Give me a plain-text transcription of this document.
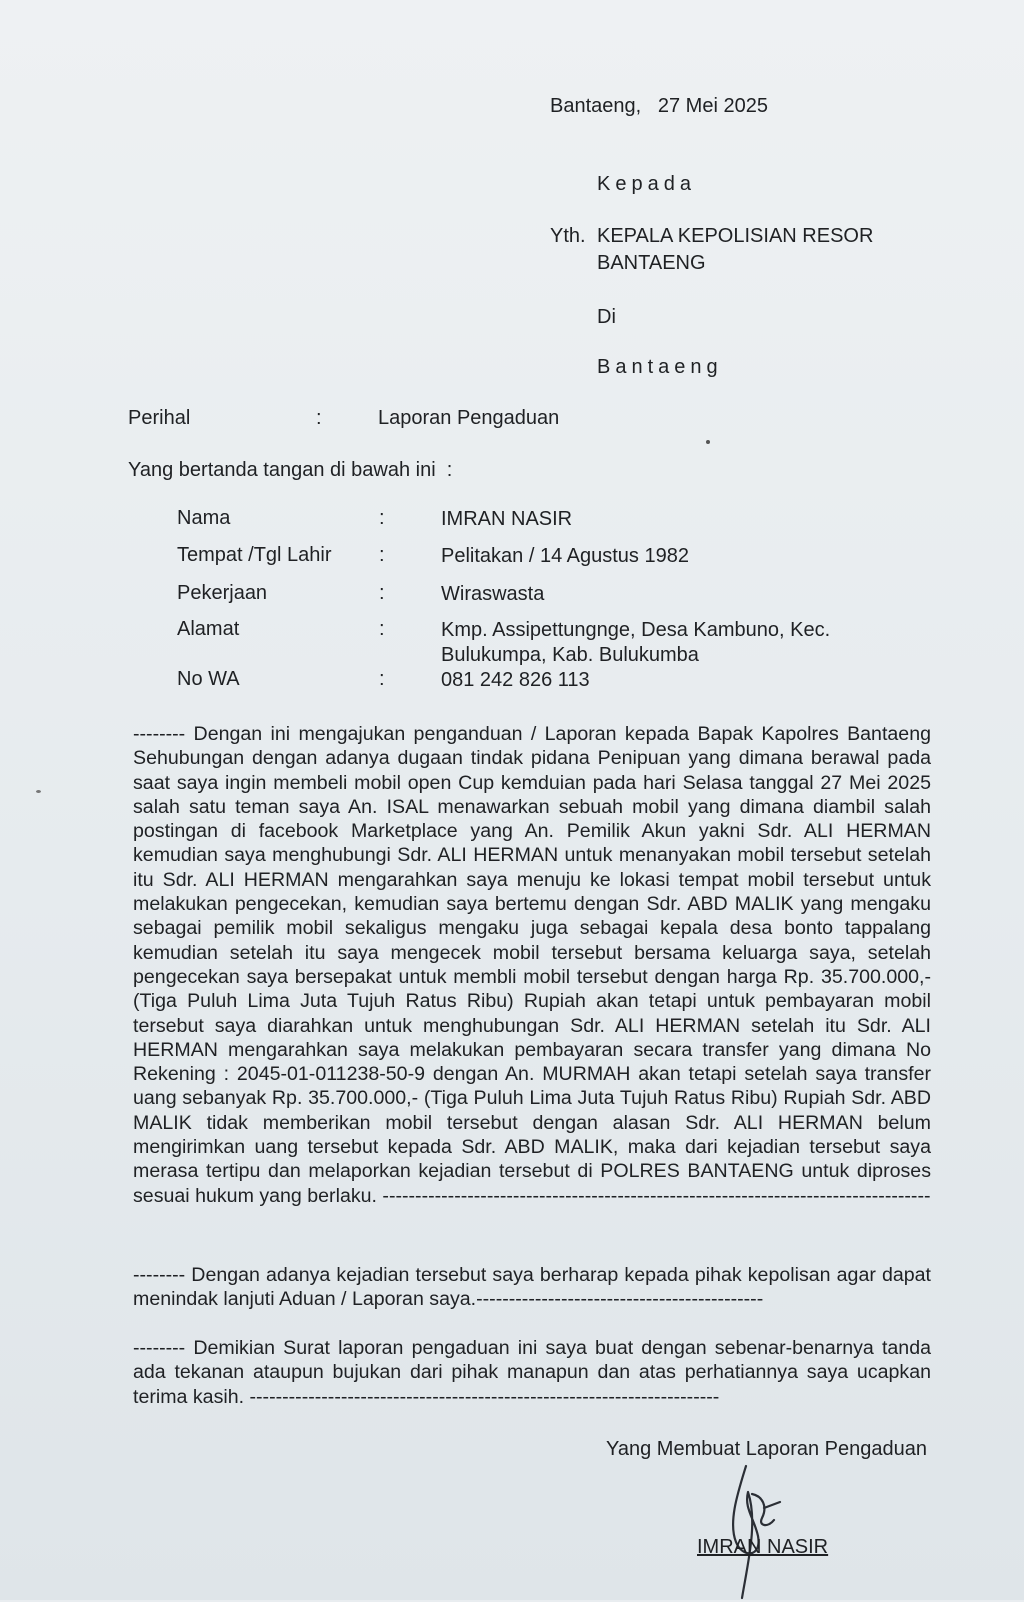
Bantaeng,   27 Mei 2025
Kepada
Yth. KEPALA KEPOLISIAN RESOR
BANTAENG
Di
Bantaeng
Perihal	:	Laporan Pengaduan
Yang bertanda tangan di bawah ini  :
Nama	:	IMRAN NASIR
Tempat /Tgl Lahir :	Pelitakan / 14 Agustus 1982
Pekerjaan	:	Wiraswasta
Alamat	:	Kmp. Assipettungnge, Desa Kambuno, Kec. Bulukumpa, Kab. Bulukumba
No WA	:	081 242 826 113
-------- Dengan ini mengajukan penganduan / Laporan kepada Bapak Kapolres Bantaeng Sehubungan dengan adanya dugaan tindak pidana Penipuan yang dimana berawal pada saat saya ingin membeli mobil open Cup kemduian pada hari Selasa tanggal 27 Mei 2025 salah satu teman saya An. ISAL menawarkan sebuah mobil yang dimana diambil salah postingan di facebook Marketplace yang An. Pemilik Akun yakni Sdr. ALI HERMAN kemudian saya menghubungi Sdr. ALI HERMAN untuk menanyakan mobil tersebut setelah itu Sdr. ALI HERMAN mengarahkan saya menuju ke lokasi tempat mobil tersebut untuk melakukan pengecekan, kemudian saya bertemu dengan Sdr. ABD MALIK yang mengaku sebagai pemilik mobil sekaligus mengaku juga sebagai kepala desa bonto tappalang kemudian setelah itu saya mengecek mobil tersebut bersama keluarga saya, setelah pengecekan saya bersepakat untuk membli mobil tersebut dengan harga Rp. 35.700.000,- (Tiga Puluh Lima Juta Tujuh Ratus Ribu) Rupiah akan tetapi untuk pembayaran mobil tersebut saya diarahkan untuk menghubungan Sdr. ALI HERMAN setelah itu Sdr. ALI HERMAN mengarahkan saya melakukan pembayaran secara transfer yang dimana No Rekening : 2045-01-011238-50-9 dengan An. MURMAH akan tetapi setelah saya transfer uang sebanyak Rp. 35.700.000,- (Tiga Puluh Lima Juta Tujuh Ratus Ribu) Rupiah Sdr. ABD MALIK tidak memberikan mobil tersebut dengan alasan Sdr. ALI HERMAN belum mengirimkan uang tersebut kepada Sdr. ABD MALIK, maka dari kejadian tersebut saya merasa tertipu dan melaporkan kejadian tersebut di POLRES BANTAENG untuk diproses sesuai hukum yang berlaku. ------------------------------------------------------------------------------------
-------- Dengan adanya kejadian tersebut saya berharap kepada pihak kepolisan agar dapat menindak lanjuti Aduan / Laporan saya.--------------------------------------------
-------- Demikian Surat laporan pengaduan ini saya buat dengan sebenar-benarnya tanda ada tekanan ataupun bujukan dari pihak manapun dan atas perhatiannya saya ucapkan terima kasih. ------------------------------------------------------------------------
Yang Membuat Laporan Pengaduan
IMRAN NASIR
